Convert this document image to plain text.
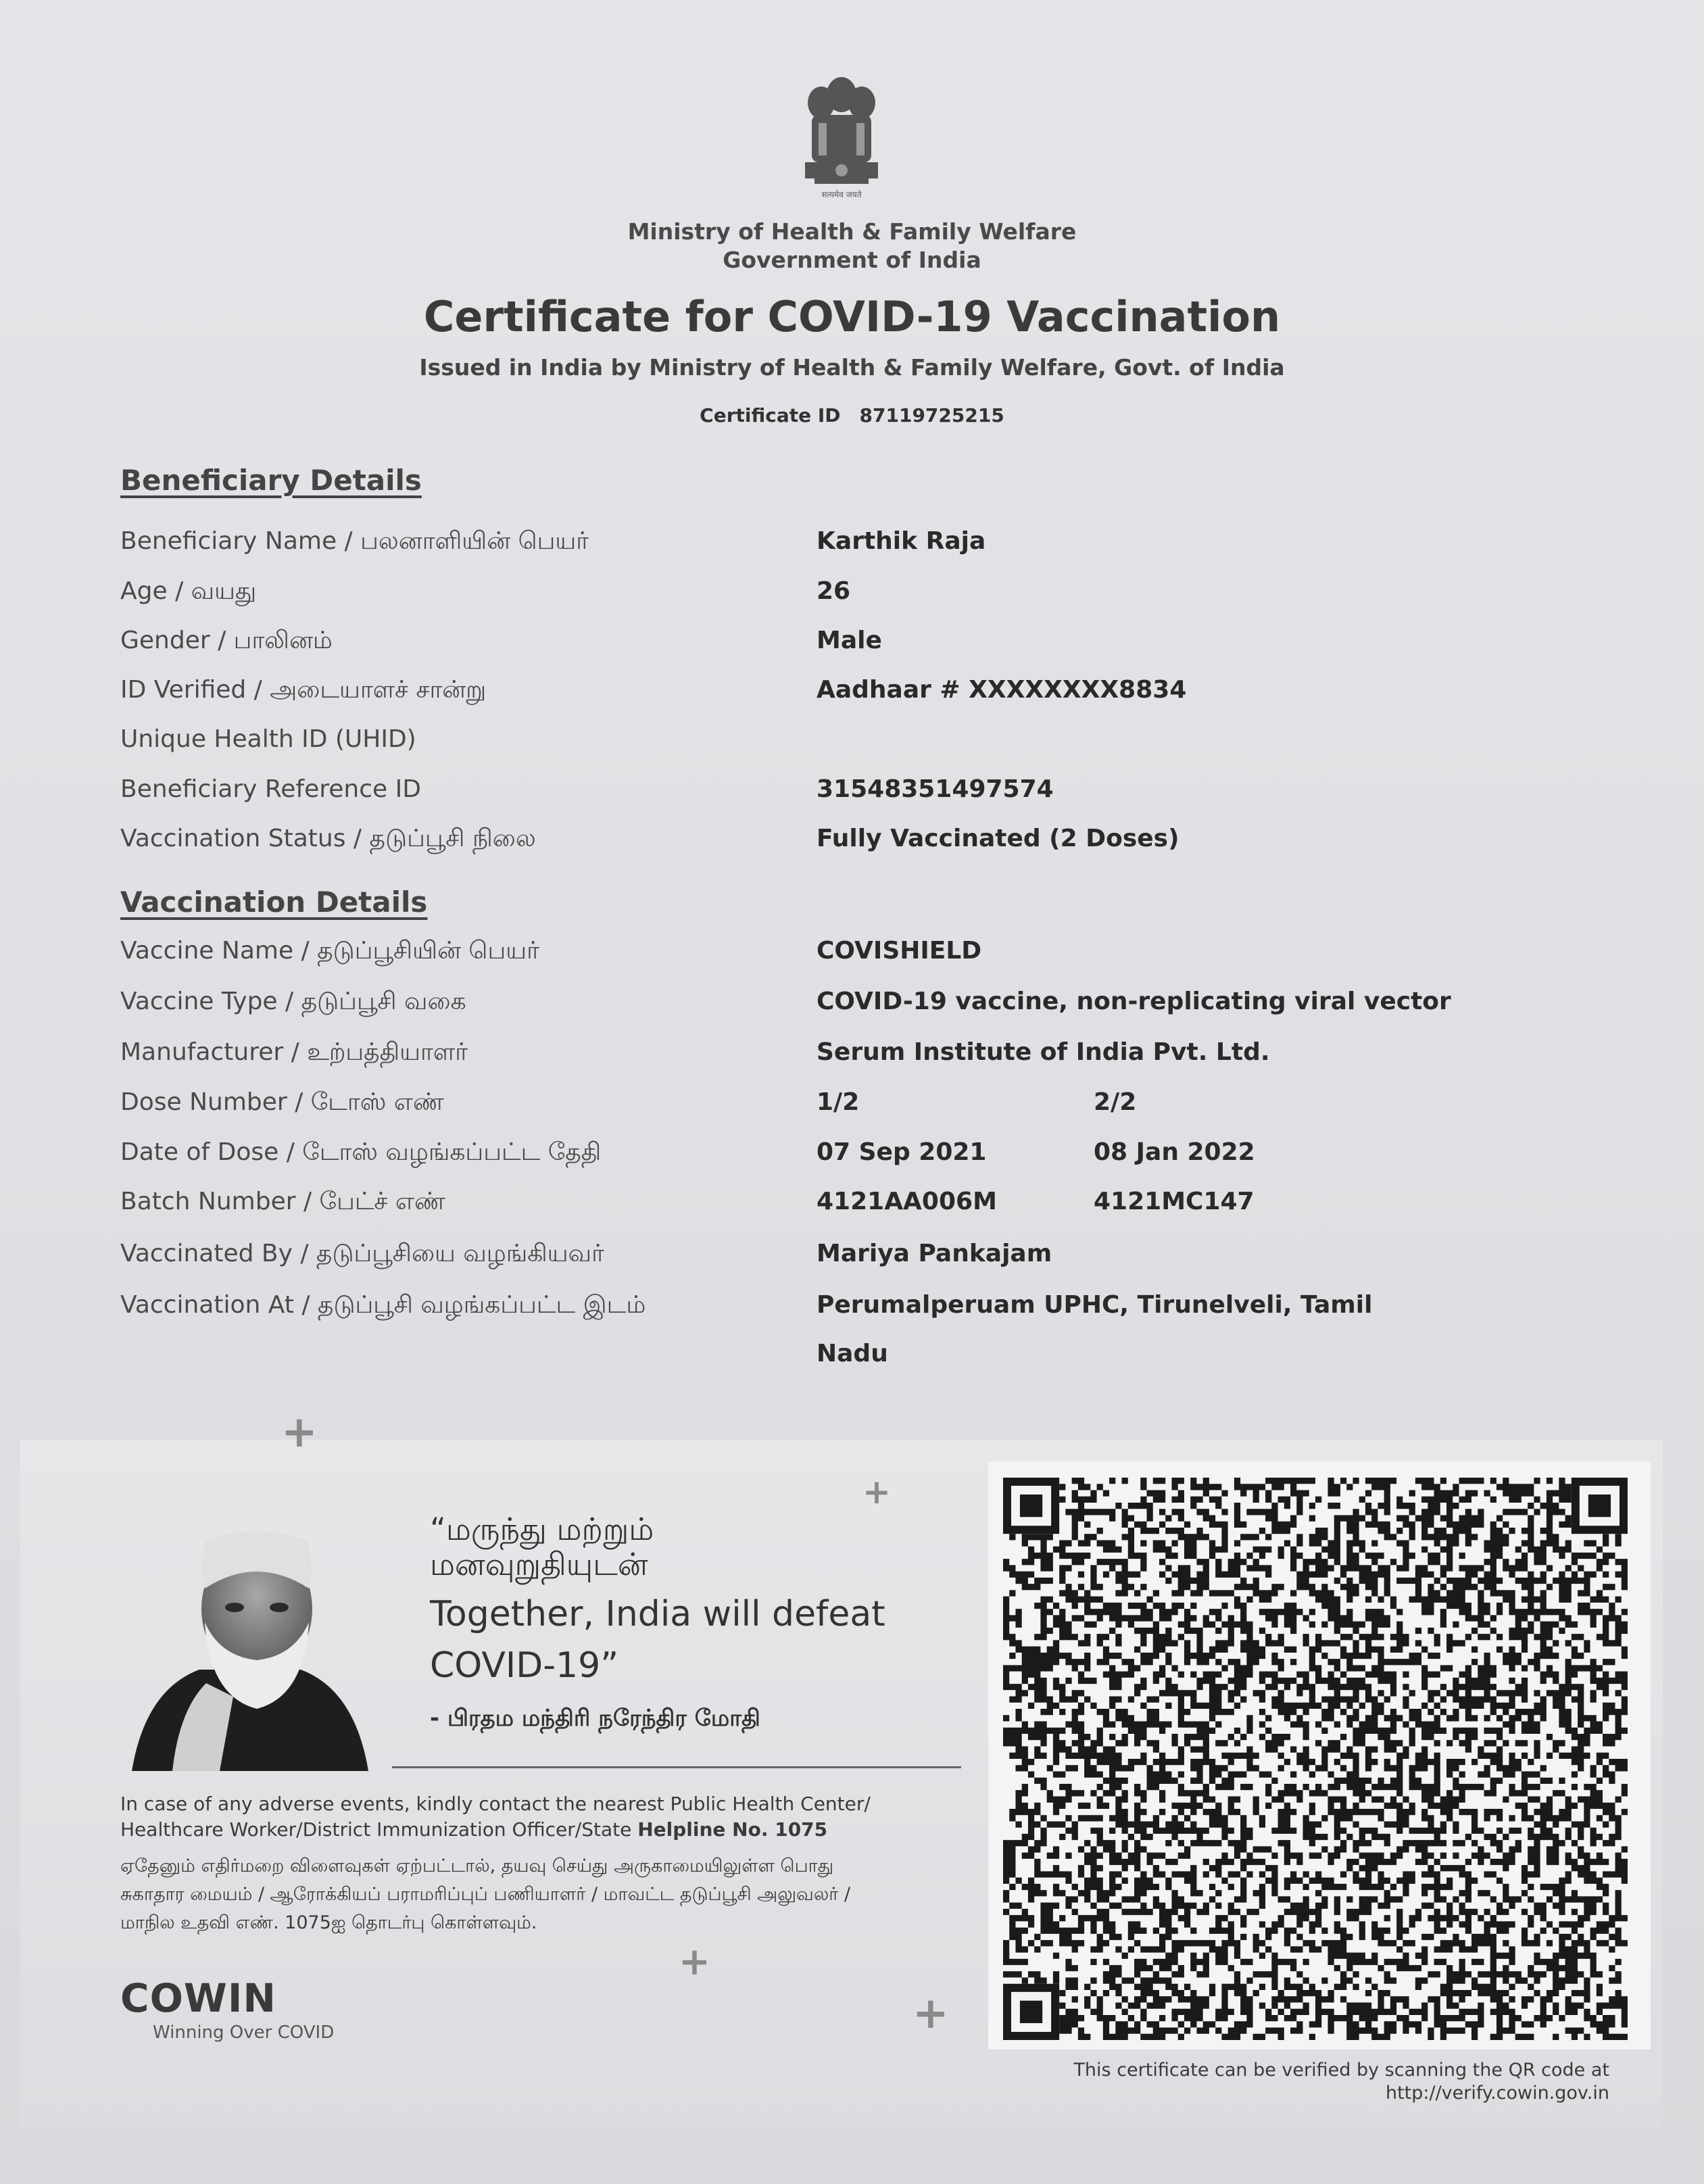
सत्यमेव जयते
Ministry of Health & Family Welfare
Government of India
Certificate for COVID-19 Vaccination
Issued in India by Ministry of Health & Family Welfare, Govt. of India
Certificate ID 87119725215
Beneficiary Details
Beneficiary Name / பலனாளியின் பெயர்	Karthik Raja
Age / வயது	26
Gender / பாலினம்	Male
ID Verified / அடையாளச் சான்று	Aadhaar # XXXXXXXX8834
Unique Health ID (UHID)
Beneficiary Reference ID	31548351497574
Vaccination Status / தடுப்பூசி நிலை	Fully Vaccinated (2 Doses)
Vaccination Details
Vaccine Name / தடுப்பூசியின் பெயர்	COVISHIELD
Vaccine Type / தடுப்பூசி வகை	COVID-19 vaccine, non-replicating viral vector
Manufacturer / உற்பத்தியாளர்	Serum Institute of India Pvt. Ltd.
Dose Number / டோஸ் எண்	1/2	2/2
Date of Dose / டோஸ் வழங்கப்பட்ட தேதி	07 Sep 2021	08 Jan 2022
Batch Number / பேட்ச் எண்	4121AA006M	4121MC147
Vaccinated By / தடுப்பூசியை வழங்கியவர்	Mariya Pankajam
Vaccination At / தடுப்பூசி வழங்கப்பட்ட இடம்	Perumalperuam UPHC, Tirunelveli, Tamil
Nadu
+
+
+
+
“மருந்து மற்றும்
மனவுறுதியுடன்
Together, India will defeat
COVID-19”
- பிரதம மந்திரி நரேந்திர மோதி
In case of any adverse events, kindly contact the nearest Public Health Center/
Healthcare Worker/District Immunization Officer/State Helpline No. 1075
ஏதேனும் எதிர்மறை விளைவுகள் ஏற்பட்டால், தயவு செய்து அருகாமையிலுள்ள பொது
சுகாதார மையம் / ஆரோக்கியப் பராமரிப்புப் பணியாளர் / மாவட்ட தடுப்பூசி அலுவலர் /
மாநில உதவி எண். 1075ஐ தொடர்பு கொள்ளவும்.
COWIN
Winning Over COVID
This certificate can be verified by scanning the QR code at
http://verify.cowin.gov.in
